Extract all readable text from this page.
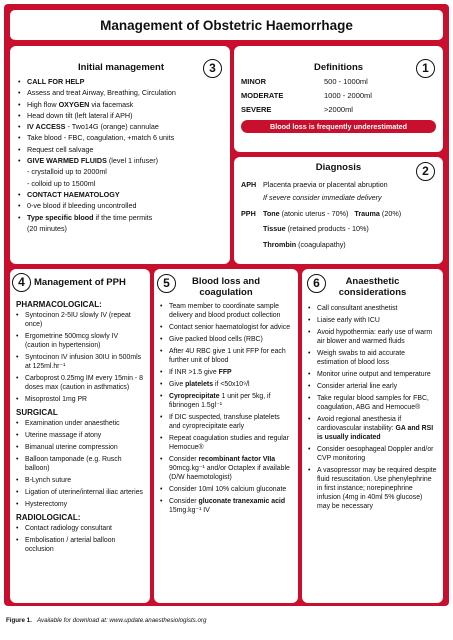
Management of Obstetric Haemorrhage
Initial management	3
• CALL FOR HELP
• Assess and treat Airway, Breathing, Circulation
• High flow OXYGEN via facemask
• Head down tilt (left lateral if APH)
• IV ACCESS - Two14G (orange) cannulae
• Take blood - FBC, coagulation, +match 6 units
• Request cell salvage
• GIVE WARMED FLUIDS (level 1 infuser)
- crystalloid up to 2000ml
- colloid up to 1500ml
• CONTACT HAEMATOLOGY
• 0-ve blood if bleeding uncontrolled
• Type specific blood if the time permits
(20 minutes)
Definitions	1
MINOR	500 - 1000ml
MODERATE	1000 - 2000ml
SEVERE	>2000ml
Blood loss is frequently underestimated
Diagnosis	2
APH Placenta praevia or placental abruption
If severe consider immediate delivery
PPH	Tone (atonic uterus - 70%) Trauma (20%)
Tissue (retained products - 10%)
Thrombin (coagulapathy)
4 Management of PPH
PHARMACOLOGICAL:
• Syntocinon 2-5IU slowly IV (repeat once)
• Ergometrine 500mcg slowly IV (caution in hypertension)
• Syntocinon IV infusion 30IU in 500mls at 125ml.hr⁻¹
• Carboprost 0.25mg IM every 15min - 8 doses max (caution in asthmatics)
• Misoprostol 1mg PR
SURGICAL
• Examination under anaesthetic
• Uterine massage if atony
• Bimanual uterine compression
• Balloon tamponade (e.g. Rusch balloon)
• B-Lynch suture
• Ligation of uterine/internal iliac arteries
• Hysterectomy
RADIOLOGICAL:
• Contact radiology consultant
• Embolisation / arterial balloon occlusion
5	Blood loss and
coagulation
• Team member to coordinate sample delivery and blood product collection
• Contact senior haematologist for advice
• Give packed blood cells (RBC)
• After 4U RBC give 1 unit FFP for each further unit of blood
• If INR >1.5 give FFP
• Give platelets if <50x10⁹/l
• Cyroprecipitate 1 unit per 5kg, if fibrinogen 1.5gl⁻¹
• If DIC suspected, transfuse platelets and cyroprecipitate early
• Repeat coagulation studies and regular Hemocue®
• Consider recombinant factor VIIa 90mcg.kg⁻¹ and/or Octaplex if available (D/W haemotologist)
• Consider 10ml 10% calcium gluconate
• Consider gluconate tranexamic acid 15mg.kg⁻¹ IV
6	Anaesthetic
considerations
• Call consultant anesthetist
• Liaise early with ICU
• Avoid hypothermia: early use of warm air blower and warmed fluids
• Weigh swabs to aid accurate estimation of blood loss
• Monitor urine output and temperature
• Consider arterial line early
• Take regular blood samples for FBC, coagulation, ABG and Hemocue®
• Avoid regional anesthesia if cardiovascular instability: GA and RSI is usually indicated
• Consider oesophageal Doppler and/or CVP monitoring
• A vasopressor may be required despite fluid resuscitation. Use phenylephrine in first instance; norepinephrine infusion (4mg in 40ml 5% glucose) may be necessary
Figure 1. Available for download at: www.update.anaesthesiologists.org
